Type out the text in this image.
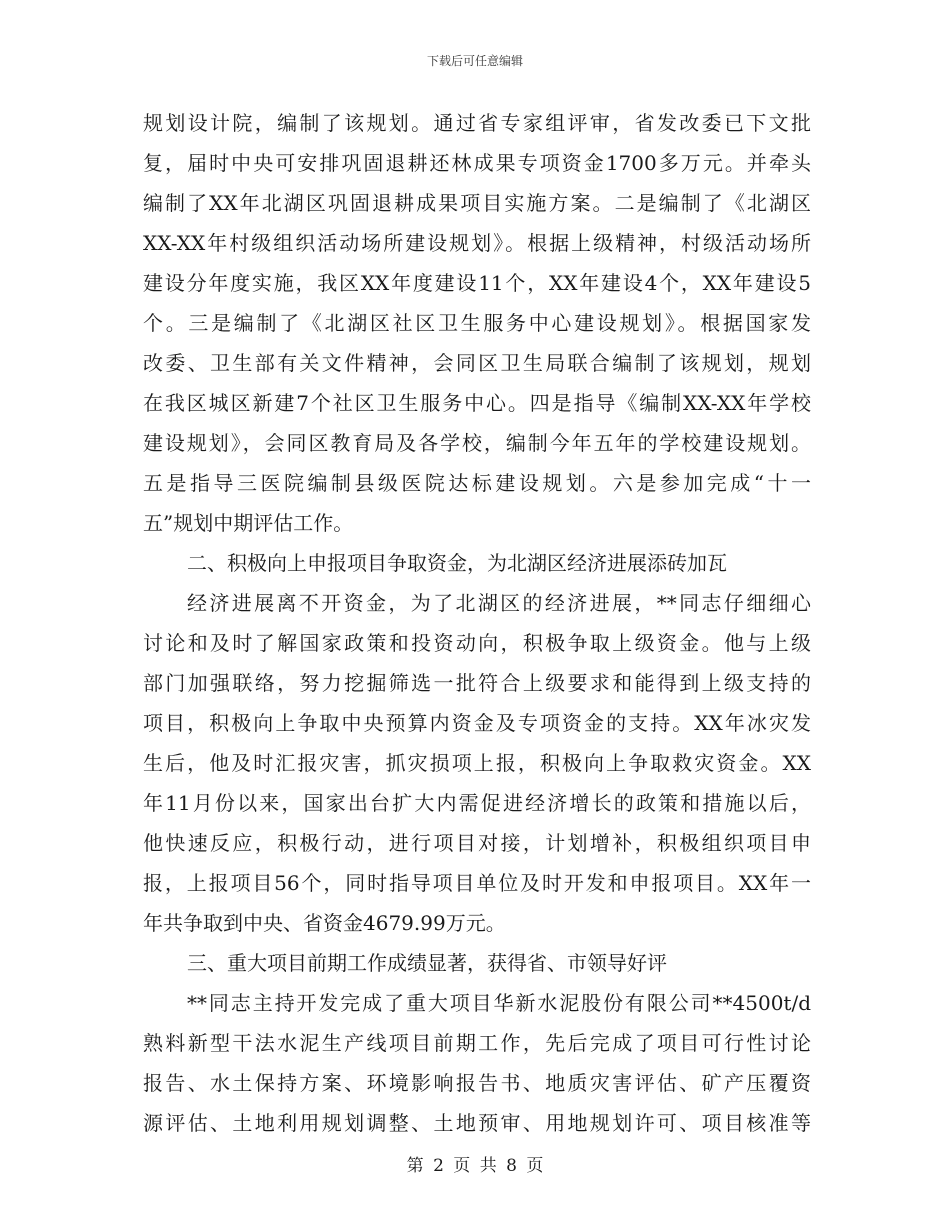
下载后可任意编辑
规划设计院，编制了该规划。通过省专家组评审，省发改委已下文批
复，届时中央可安排巩固退耕还林成果专项资金1700多万元。并牵头
编制了XX年北湖区巩固退耕成果项目实施方案。二是编制了《北湖区
XX-XX年村级组织活动场所建设规划》。根据上级精神，村级活动场所
建设分年度实施，我区XX年度建设11个，XX年建设4个，XX年建设5
个。三是编制了《北湖区社区卫生服务中心建设规划》。根据国家发
改委、卫生部有关文件精神，会同区卫生局联合编制了该规划，规划
在我区城区新建7个社区卫生服务中心。四是指导《编制XX-XX年学校
建设规划》，会同区教育局及各学校，编制今年五年的学校建设规划。
五是指导三医院编制县级医院达标建设规划。六是参加完成“十一
五”规划中期评估工作。
二、积极向上申报项目争取资金，为北湖区经济进展添砖加瓦
经济进展离不开资金，为了北湖区的经济进展，**同志仔细细心
讨论和及时了解国家政策和投资动向，积极争取上级资金。他与上级
部门加强联络，努力挖掘筛选一批符合上级要求和能得到上级支持的
项目，积极向上争取中央预算内资金及专项资金的支持。XX年冰灾发
生后，他及时汇报灾害，抓灾损项上报，积极向上争取救灾资金。XX
年11月份以来，国家出台扩大内需促进经济增长的政策和措施以后，
他快速反应，积极行动，进行项目对接，计划增补，积极组织项目申
报，上报项目56个，同时指导项目单位及时开发和申报项目。XX年一
年共争取到中央、省资金4679.99万元。
三、重大项目前期工作成绩显著，获得省、市领导好评
**同志主持开发完成了重大项目华新水泥股份有限公司**4500t/d
熟料新型干法水泥生产线项目前期工作，先后完成了项目可行性讨论
报告、水土保持方案、环境影响报告书、地质灾害评估、矿产压覆资
源评估、土地利用规划调整、土地预审、用地规划许可、项目核准等
第 2 页 共 8 页
